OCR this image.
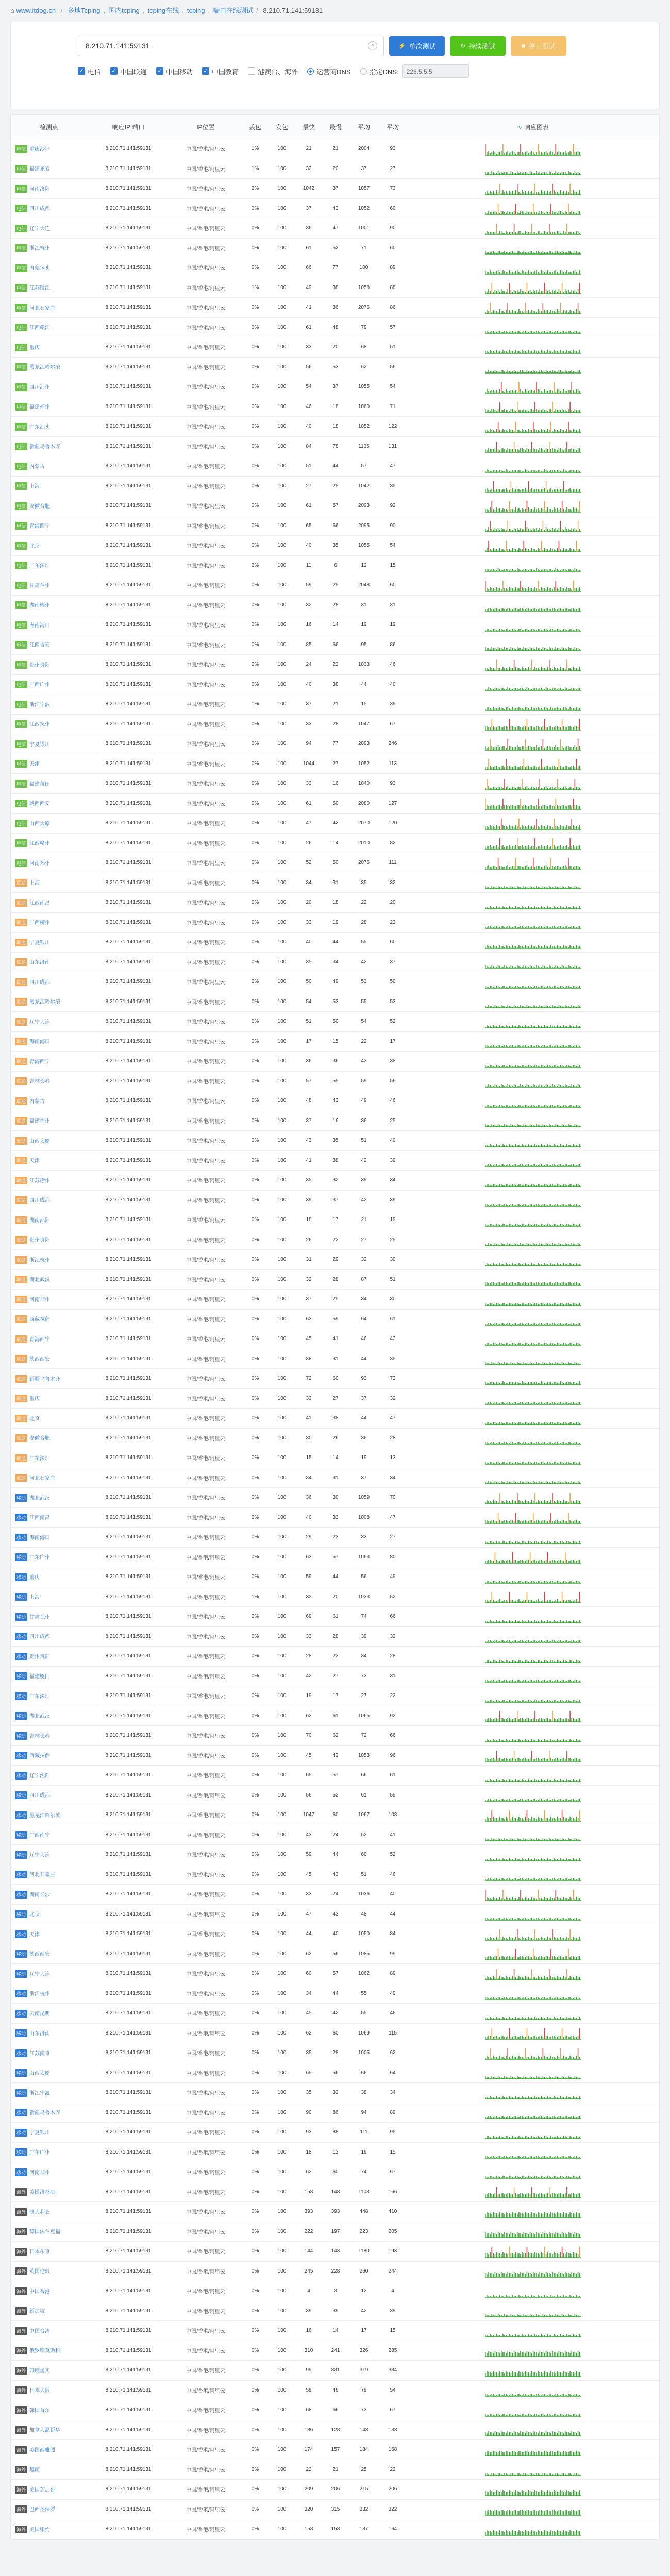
⌂ www.itdog.cn / 多地Tcping , 国内tcping , tcping在线 , tcping , 端口在线测试 / 8.210.71.141:59131
8.210.71.141:59131
×	⚡ 单次测试	↻ 持续测试	■ 停止测试
✓ 电信 ✓ 中国联通 ✓ 中国移动 ✓ 中国教育	港澳台、海外	运营商DNS	指定DNS:	223.5.5.5
检测点	响应IP:端口	IP位置	丢包	发包	最快	最慢	平均	平均	∿ 响应图表
电信 重庆沙坪	8.210.71.141:59131	中国/香港/阿里云	1%	100	21	21	2004	93	

电信 福建龙岩	8.210.71.141:59131	中国/香港/阿里云	1%	100	32	20	37	27	

电信 河南洛阳	8.210.71.141:59131	中国/香港/阿里云	2%	100	1042	37	1057	73	

电信 四川成都	8.210.71.141:59131	中国/香港/阿里云	0%	100	37	43	1052	60	

电信 辽宁大连	8.210.71.141:59131	中国/香港/阿里云	0%	100	36	47	1001	90	

电信 浙江杭州	8.210.71.141:59131	中国/香港/阿里云	0%	100	61	52	71	60	

电信 内蒙包头	8.210.71.141:59131	中国/香港/阿里云	0%	100	66	77	100	89	

电信 江苏镇江	8.210.71.141:59131	中国/香港/阿里云	1%	100	49	38	1058	88	

电信 河北石家庄	8.210.71.141:59131	中国/香港/阿里云	0%	100	41	36	2076	86	

电信 江西赣江	8.210.71.141:59131	中国/香港/阿里云	0%	100	61	48	79	57	

电信 重庆	8.210.71.141:59131	中国/香港/阿里云	0%	100	33	20	68	51	

电信 黑龙江哈尔滨	8.210.71.141:59131	中国/香港/阿里云	0%	100	56	53	62	56	

电信 四川泸州	8.210.71.141:59131	中国/香港/阿里云	0%	100	54	37	1055	54	

电信 福建福州	8.210.71.141:59131	中国/香港/阿里云	0%	100	46	18	1060	71	

电信 广东汕头	8.210.71.141:59131	中国/香港/阿里云	0%	100	40	18	1052	122	

电信 新疆乌鲁木齐	8.210.71.141:59131	中国/香港/阿里云	0%	100	84	78	1105	131	

电信 内蒙古	8.210.71.141:59131	中国/香港/阿里云	0%	100	51	44	57	47	

电信 上海	8.210.71.141:59131	中国/香港/阿里云	0%	100	27	25	1042	35	

电信 安徽合肥	8.210.71.141:59131	中国/香港/阿里云	0%	100	61	57	2093	92	

电信 青海西宁	8.210.71.141:59131	中国/香港/阿里云	0%	100	65	66	2095	90	

电信 北京	8.210.71.141:59131	中国/香港/阿里云	0%	100	40	35	1055	54	

电信 广东深圳	8.210.71.141:59131	中国/香港/阿里云	2%	100	11	6	12	15	

电信 甘肃兰州	8.210.71.141:59131	中国/香港/阿里云	0%	100	59	25	2048	60	

电信 湖南郴州	8.210.71.141:59131	中国/香港/阿里云	0%	100	32	28	31	31	

电信 海南海口	8.210.71.141:59131	中国/香港/阿里云	0%	100	16	14	19	19	

电信 江西吉安	8.210.71.141:59131	中国/香港/阿里云	0%	100	85	66	95	86	

电信 贵州贵阳	8.210.71.141:59131	中国/香港/阿里云	0%	100	24	22	1033	46	

电信 广西广州	8.210.71.141:59131	中国/香港/阿里云	0%	100	40	38	44	40	

电信 浙江宁波	8.210.71.141:59131	中国/香港/阿里云	1%	100	37	21	15	39	

电信 江西抚州	8.210.71.141:59131	中国/香港/阿里云	0%	100	33	28	1047	67	

电信 宁夏银川	8.210.71.141:59131	中国/香港/阿里云	0%	100	94	77	2093	246	

电信 天津	8.210.71.141:59131	中国/香港/阿里云	0%	100	1044	27	1052	113	

电信 福建莆田	8.210.71.141:59131	中国/香港/阿里云	0%	100	33	16	1040	93	

电信 陕西西安	8.210.71.141:59131	中国/香港/阿里云	0%	100	61	50	2080	127	

电信 山西太原	8.210.71.141:59131	中国/香港/阿里云	0%	100	47	42	2070	120	

电信 江西赣州	8.210.71.141:59131	中国/香港/阿里云	0%	100	26	14	2010	82	

电信 河南郑州	8.210.71.141:59131	中国/香港/阿里云	0%	100	52	50	2076	111	

联通 上海	8.210.71.141:59131	中国/香港/阿里云	0%	100	34	31	35	32	

联通 江西南昌	8.210.71.141:59131	中国/香港/阿里云	0%	100	20	18	22	20	

联通 广西柳州	8.210.71.141:59131	中国/香港/阿里云	0%	100	33	19	28	22	

联通 宁夏银川	8.210.71.141:59131	中国/香港/阿里云	0%	100	40	44	55	60	

联通 山东济南	8.210.71.141:59131	中国/香港/阿里云	0%	100	35	34	42	37	

联通 四川成都	8.210.71.141:59131	中国/香港/阿里云	0%	100	50	49	53	50	

联通 黑龙江哈尔滨	8.210.71.141:59131	中国/香港/阿里云	0%	100	54	53	55	53	

联通 辽宁大连	8.210.71.141:59131	中国/香港/阿里云	0%	100	51	50	54	52	

联通 海南海口	8.210.71.141:59131	中国/香港/阿里云	0%	100	17	15	22	17	

联通 青海西宁	8.210.71.141:59131	中国/香港/阿里云	0%	100	36	36	43	38	

联通 吉林长春	8.210.71.141:59131	中国/香港/阿里云	0%	100	57	55	59	56	

联通 内蒙古	8.210.71.141:59131	中国/香港/阿里云	0%	100	48	43	49	46	

联通 福建福州	8.210.71.141:59131	中国/香港/阿里云	0%	100	37	16	36	25	

联通 山西太原	8.210.71.141:59131	中国/香港/阿里云	0%	100	43	35	51	40	

联通 天津	8.210.71.141:59131	中国/香港/阿里云	0%	100	41	38	42	39	

联通 江苏徐州	8.210.71.141:59131	中国/香港/阿里云	0%	100	35	32	39	34	

联通 四川成都	8.210.71.141:59131	中国/香港/阿里云	0%	100	39	37	42	39	

联通 湖南邵阳	8.210.71.141:59131	中国/香港/阿里云	0%	100	18	17	21	19	

联通 贵州贵阳	8.210.71.141:59131	中国/香港/阿里云	0%	100	26	22	27	25	

联通 浙江杭州	8.210.71.141:59131	中国/香港/阿里云	0%	100	31	29	32	30	

联通 湖北武汉	8.210.71.141:59131	中国/香港/阿里云	0%	100	32	28	87	51	

联通 河南郑州	8.210.71.141:59131	中国/香港/阿里云	0%	100	37	25	34	30	

联通 西藏拉萨	8.210.71.141:59131	中国/香港/阿里云	0%	100	63	59	64	61	

联通 青海西宁	8.210.71.141:59131	中国/香港/阿里云	0%	100	45	41	46	43	

联通 陕西西安	8.210.71.141:59131	中国/香港/阿里云	0%	100	38	31	44	35	

联通 新疆乌鲁木齐	8.210.71.141:59131	中国/香港/阿里云	0%	100	72	60	93	73	

联通 重庆	8.210.71.141:59131	中国/香港/阿里云	0%	100	33	27	37	32	

联通 北京	8.210.71.141:59131	中国/香港/阿里云	0%	100	41	38	44	47	

联通 安徽合肥	8.210.71.141:59131	中国/香港/阿里云	0%	100	30	26	36	28	

联通 广东深圳	8.210.71.141:59131	中国/香港/阿里云	0%	100	15	14	19	13	

联通 河北石家庄	8.210.71.141:59131	中国/香港/阿里云	0%	100	34	31	37	34	

移动 湖北武汉	8.210.71.141:59131	中国/香港/阿里云	0%	100	36	30	1059	70	

移动 江西南昌	8.210.71.141:59131	中国/香港/阿里云	0%	100	40	33	1008	47	

移动 海南海口	8.210.71.141:59131	中国/香港/阿里云	0%	100	29	23	33	27	

移动 广东广州	8.210.71.141:59131	中国/香港/阿里云	0%	100	63	57	1063	80	

移动 重庆	8.210.71.141:59131	中国/香港/阿里云	0%	100	59	44	56	49	

移动 上海	8.210.71.141:59131	中国/香港/阿里云	1%	100	32	20	1033	52	

移动 甘肃兰州	8.210.71.141:59131	中国/香港/阿里云	0%	100	69	61	74	66	

移动 四川成都	8.210.71.141:59131	中国/香港/阿里云	0%	100	33	28	39	32	

移动 贵州贵阳	8.210.71.141:59131	中国/香港/阿里云	0%	100	28	23	34	28	

移动 福建厦门	8.210.71.141:59131	中国/香港/阿里云	0%	100	42	27	73	31	

移动 广东深圳	8.210.71.141:59131	中国/香港/阿里云	0%	100	19	17	27	22	

移动 湖北武汉	8.210.71.141:59131	中国/香港/阿里云	0%	100	62	61	1065	92	

移动 吉林长春	8.210.71.141:59131	中国/香港/阿里云	0%	100	70	62	72	66	

移动 西藏拉萨	8.210.71.141:59131	中国/香港/阿里云	0%	100	45	42	1053	96	

移动 辽宁沈阳	8.210.71.141:59131	中国/香港/阿里云	0%	100	65	57	66	61	

移动 四川成都	8.210.71.141:59131	中国/香港/阿里云	0%	100	56	52	61	55	

移动 黑龙江哈尔滨	8.210.71.141:59131	中国/香港/阿里云	0%	100	1047	60	1067	103	

移动 广西南宁	8.210.71.141:59131	中国/香港/阿里云	0%	100	43	24	52	41	

移动 辽宁大连	8.210.71.141:59131	中国/香港/阿里云	0%	100	59	44	60	52	

移动 河北石家庄	8.210.71.141:59131	中国/香港/阿里云	0%	100	45	43	51	46	

移动 湖南长沙	8.210.71.141:59131	中国/香港/阿里云	0%	100	33	24	1036	40	

移动 北京	8.210.71.141:59131	中国/香港/阿里云	0%	100	47	43	48	44	

移动 天津	8.210.71.141:59131	中国/香港/阿里云	0%	100	44	40	1050	84	

移动 陕西西安	8.210.71.141:59131	中国/香港/阿里云	0%	100	62	56	1085	95	

移动 辽宁大连	8.210.71.141:59131	中国/香港/阿里云	0%	100	60	57	1062	89	

移动 浙江杭州	8.210.71.141:59131	中国/香港/阿里云	0%	100	34	44	55	49	

移动 云南昆明	8.210.71.141:59131	中国/香港/阿里云	0%	100	45	42	55	46	

移动 山东济南	8.210.71.141:59131	中国/香港/阿里云	0%	100	62	60	1069	115	

移动 江苏南京	8.210.71.141:59131	中国/香港/阿里云	0%	100	35	28	1005	62	

移动 山西太原	8.210.71.141:59131	中国/香港/阿里云	0%	100	65	56	66	64	

移动 浙江宁波	8.210.71.141:59131	中国/香港/阿里云	0%	100	35	32	38	34	

移动 新疆乌鲁木齐	8.210.71.141:59131	中国/香港/阿里云	0%	100	90	86	94	89	

移动 宁夏银川	8.210.71.141:59131	中国/香港/阿里云	0%	100	93	88	111	95	

移动 广东广州	8.210.71.141:59131	中国/香港/阿里云	0%	100	18	12	19	15	

移动 河南郑州	8.210.71.141:59131	中国/香港/阿里云	0%	100	62	60	74	67	

海外 美国洛杉矶	8.210.71.141:59131	中国/香港/阿里云	0%	100	158	148	1108	166	

海外 澳大利亚	8.210.71.141:59131	中国/香港/阿里云	0%	100	393	393	448	410	

海外 德国法兰克福	8.210.71.141:59131	中国/香港/阿里云	0%	100	222	197	223	205	

海外 日本东京	8.210.71.141:59131	中国/香港/阿里云	0%	100	144	143	1180	193	

海外 英国伦敦	8.210.71.141:59131	中国/香港/阿里云	0%	100	245	228	260	244	

海外 中国香港	8.210.71.141:59131	中国/香港/阿里云	0%	100	4	3	12	4	

海外 新加坡	8.210.71.141:59131	中国/香港/阿里云	0%	100	39	39	42	39	

海外 中国台湾	8.210.71.141:59131	中国/香港/阿里云	0%	100	16	14	17	15	

海外 俄罗斯莫斯科	8.210.71.141:59131	中国/香港/阿里云	0%	100	310	241	326	285	

海外 印度孟买	8.210.71.141:59131	中国/香港/阿里云	0%	100	99	331	319	334	

海外 日本大阪	8.210.71.141:59131	中国/香港/阿里云	0%	100	59	46	79	54	

海外 韩国首尔	8.210.71.141:59131	中国/香港/阿里云	0%	100	68	66	73	67	

海外 加拿大温哥华	8.210.71.141:59131	中国/香港/阿里云	0%	100	136	128	143	133	

海外 美国西雅图	8.210.71.141:59131	中国/香港/阿里云	0%	100	174	157	184	168	

海外 越南	8.210.71.141:59131	中国/香港/阿里云	0%	100	22	21	25	22	

海外 美国芝加哥	8.210.71.141:59131	中国/香港/阿里云	0%	100	209	206	215	206	

海外 巴西圣保罗	8.210.71.141:59131	中国/香港/阿里云	0%	100	320	315	332	322	

海外 美国纽约	8.210.71.141:59131	中国/香港/阿里云	0%	100	158	153	187	164	
